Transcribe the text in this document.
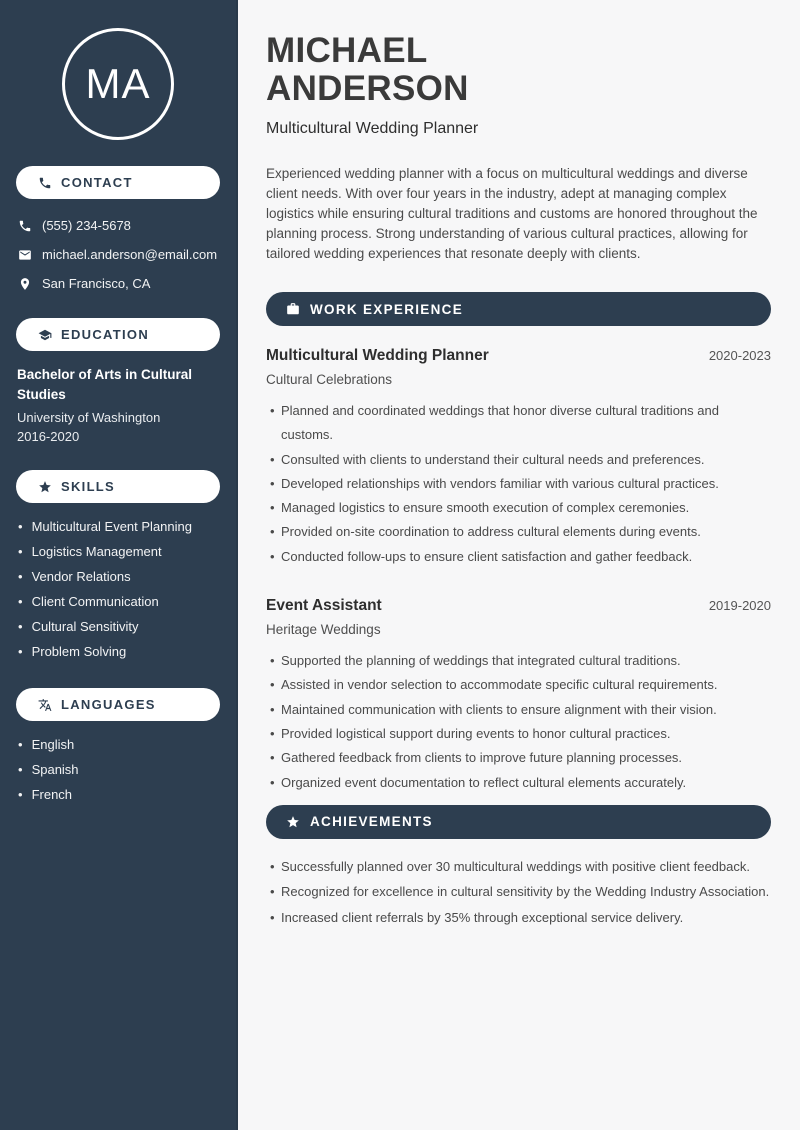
MA
CONTACT
(555) 234-5678
michael.anderson@email.com
San Francisco, CA
EDUCATION
Bachelor of Arts in Cultural Studies
University of Washington
2016-2020
SKILLS
• Multicultural Event Planning
• Logistics Management
• Vendor Relations
• Client Communication
• Cultural Sensitivity
• Problem Solving
LANGUAGES
• English
• Spanish
• French
MICHAEL ANDERSON
Multicultural Wedding Planner

Experienced wedding planner with a focus on multicultural weddings and diverse client needs. With over four years in the industry, adept at managing complex logistics while ensuring cultural traditions and customs are honored throughout the planning process. Strong understanding of various cultural practices, allowing for tailored wedding experiences that resonate deeply with clients.

WORK EXPERIENCE
Multicultural Wedding Planner	2020-2023
Cultural Celebrations
• Planned and coordinated weddings that honor diverse cultural traditions and customs.
• Consulted with clients to understand their cultural needs and preferences.
• Developed relationships with vendors familiar with various cultural practices.
• Managed logistics to ensure smooth execution of complex ceremonies.
• Provided on-site coordination to address cultural elements during events.
• Conducted follow-ups to ensure client satisfaction and gather feedback.
Event Assistant	2019-2020
Heritage Weddings
• Supported the planning of weddings that integrated cultural traditions.
• Assisted in vendor selection to accommodate specific cultural requirements.
• Maintained communication with clients to ensure alignment with their vision.
• Provided logistical support during events to honor cultural practices.
• Gathered feedback from clients to improve future planning processes.
• Organized event documentation to reflect cultural elements accurately.
ACHIEVEMENTS
• Successfully planned over 30 multicultural weddings with positive client feedback.
• Recognized for excellence in cultural sensitivity by the Wedding Industry Association.
• Increased client referrals by 35% through exceptional service delivery.
